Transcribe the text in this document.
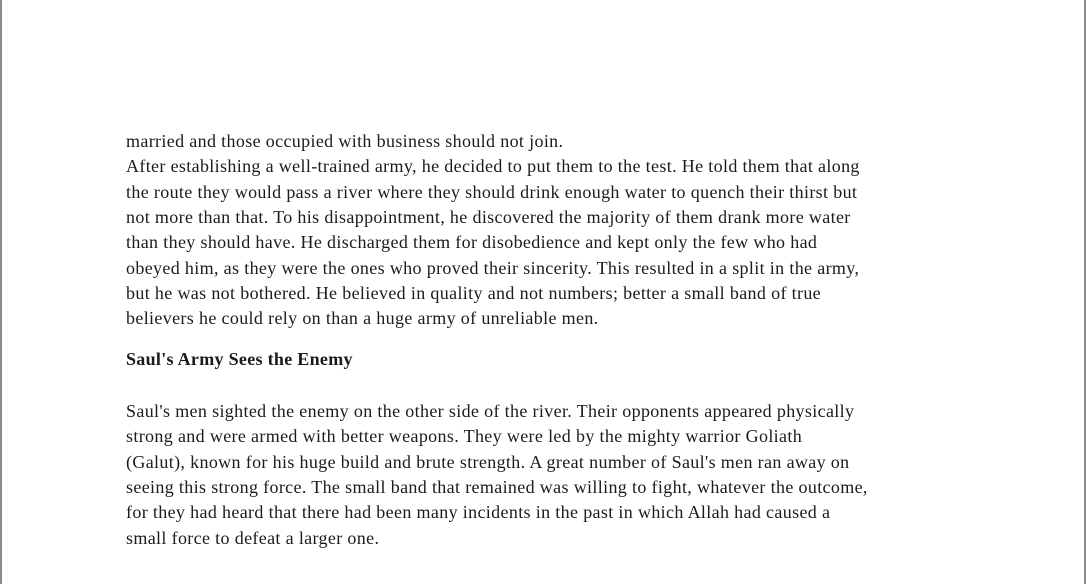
married and those occupied with business should not join.
After establishing a well-trained army, he decided to put them to the test. He told them that along
the route they would pass a river where they should drink enough water to quench their thirst but
not more than that. To his disappointment, he discovered the majority of them drank more water
than they should have. He discharged them for disobedience and kept only the few who had
obeyed him, as they were the ones who proved their sincerity. This resulted in a split in the army,
but he was not bothered. He believed in quality and not numbers; better a small band of true
believers he could rely on than a huge army of unreliable men.
Saul's Army Sees the Enemy
Saul's men sighted the enemy on the other side of the river. Their opponents appeared physically
strong and were armed with better weapons. They were led by the mighty warrior Goliath
(Galut), known for his huge build and brute strength. A great number of Saul's men ran away on
seeing this strong force. The small band that remained was willing to fight, whatever the outcome,
for they had heard that there had been many incidents in the past in which Allah had caused a
small force to defeat a larger one.
